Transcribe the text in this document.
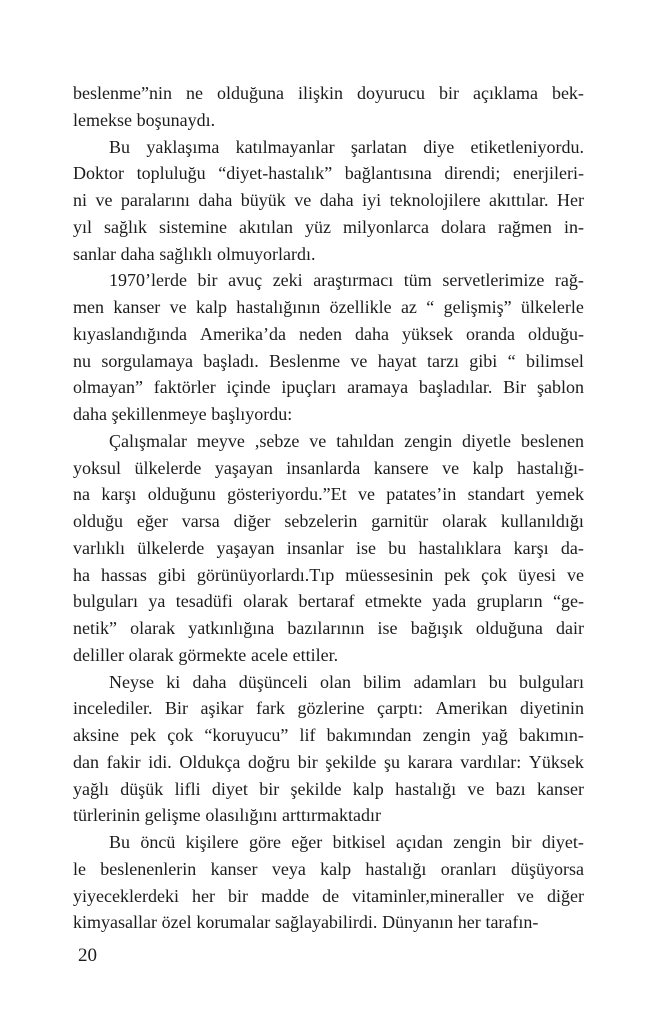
beslenme”nin ne olduğuna ilişkin doyurucu bir açıklama bek-
lemekse boşunaydı.
Bu yaklaşıma katılmayanlar şarlatan diye etiketleniyordu.
Doktor topluluğu “diyet-hastalık” bağlantısına direndi; enerjileri-
ni ve paralarını daha büyük ve daha iyi teknolojilere akıttılar. Her
yıl sağlık sistemine akıtılan yüz milyonlarca dolara rağmen in-
sanlar daha sağlıklı olmuyorlardı.
1970’lerde bir avuç zeki araştırmacı tüm servetlerimize rağ-
men kanser ve kalp hastalığının özellikle az “ gelişmiş” ülkelerle
kıyaslandığında Amerika’da neden daha yüksek oranda olduğu-
nu sorgulamaya başladı. Beslenme ve hayat tarzı gibi “ bilimsel
olmayan” faktörler içinde ipuçları aramaya başladılar. Bir şablon
daha şekillenmeye başlıyordu:
Çalışmalar meyve ,sebze ve tahıldan zengin diyetle beslenen
yoksul ülkelerde yaşayan insanlarda kansere ve kalp hastalığı-
na karşı olduğunu gösteriyordu.”Et ve patates’in standart yemek
olduğu eğer varsa diğer sebzelerin garnitür olarak kullanıldığı
varlıklı ülkelerde yaşayan insanlar ise bu hastalıklara karşı da-
ha hassas gibi görünüyorlardı.Tıp müessesinin pek çok üyesi ve
bulguları ya tesadüfi olarak bertaraf etmekte yada grupların “ge-
netik” olarak yatkınlığına bazılarının ise bağışık olduğuna dair
deliller olarak görmekte acele ettiler.
Neyse ki daha düşünceli olan bilim adamları bu bulguları
incelediler. Bir aşikar fark gözlerine çarptı: Amerikan diyetinin
aksine pek çok “koruyucu” lif bakımından zengin yağ bakımın-
dan fakir idi. Oldukça doğru bir şekilde şu karara vardılar: Yüksek
yağlı düşük lifli diyet bir şekilde kalp hastalığı ve bazı kanser
türlerinin gelişme olasılığını arttırmaktadır
Bu öncü kişilere göre eğer bitkisel açıdan zengin bir diyet-
le beslenenlerin kanser veya kalp hastalığı oranları düşüyorsa
yiyeceklerdeki her bir madde de vitaminler,mineraller ve diğer
kimyasallar özel korumalar sağlayabilirdi. Dünyanın her tarafın-
20
